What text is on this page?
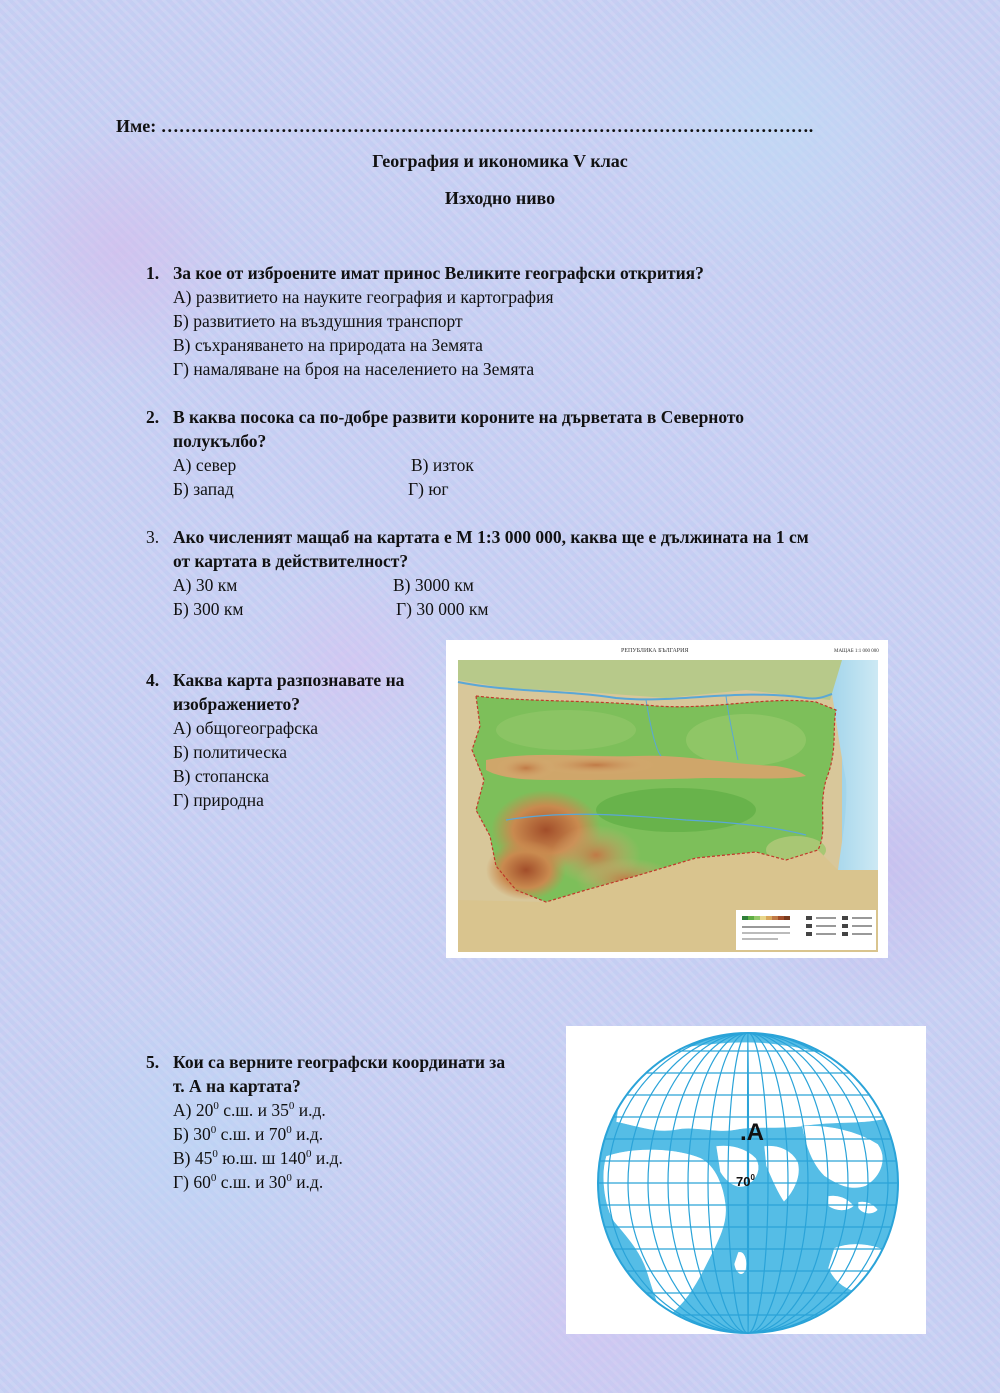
Име: ……………………………………………………………………………………………….
География и икономика V клас
Изходно ниво
1. За кое от изброените имат принос Великите географски открития?
А) развитието на науките география и картография
Б) развитието на въздушния транспорт
В) съхраняването на природата на Земята
Г) намаляване на броя на населението на Земята
2. В каква посока са по-добре развити короните на дърветата в Северното
полукълбо?
А) север	В) изток
Б) запад	Г) юг
3. Ако численият мащаб на картата е М 1:3 000 000, каква ще е дължината на 1 см
от картата в действителност?
А) 30 км	В) 3000 км
Б) 300 км	Г) 30 000 км
4. Каква карта разпознавате на
изображението?
А) общогеографска
Б) политическа
В) стопанска
Г) природна
РЕПУБЛИКА БЪЛГАРИЯ	МАЩАБ 1:1 000 000
5. Кои са верните географски координати за
т. А на картата?
А) $20^0$ с.ш. и $35^0$ и.д.
Б) $30^0$ с.ш. и $70^0$ и.д.
В) $45^0$ ю.ш. ш $140^0$ и.д.
Г) $60^0$ с.ш. и $30^0$ и.д.
.A
$70^0$
